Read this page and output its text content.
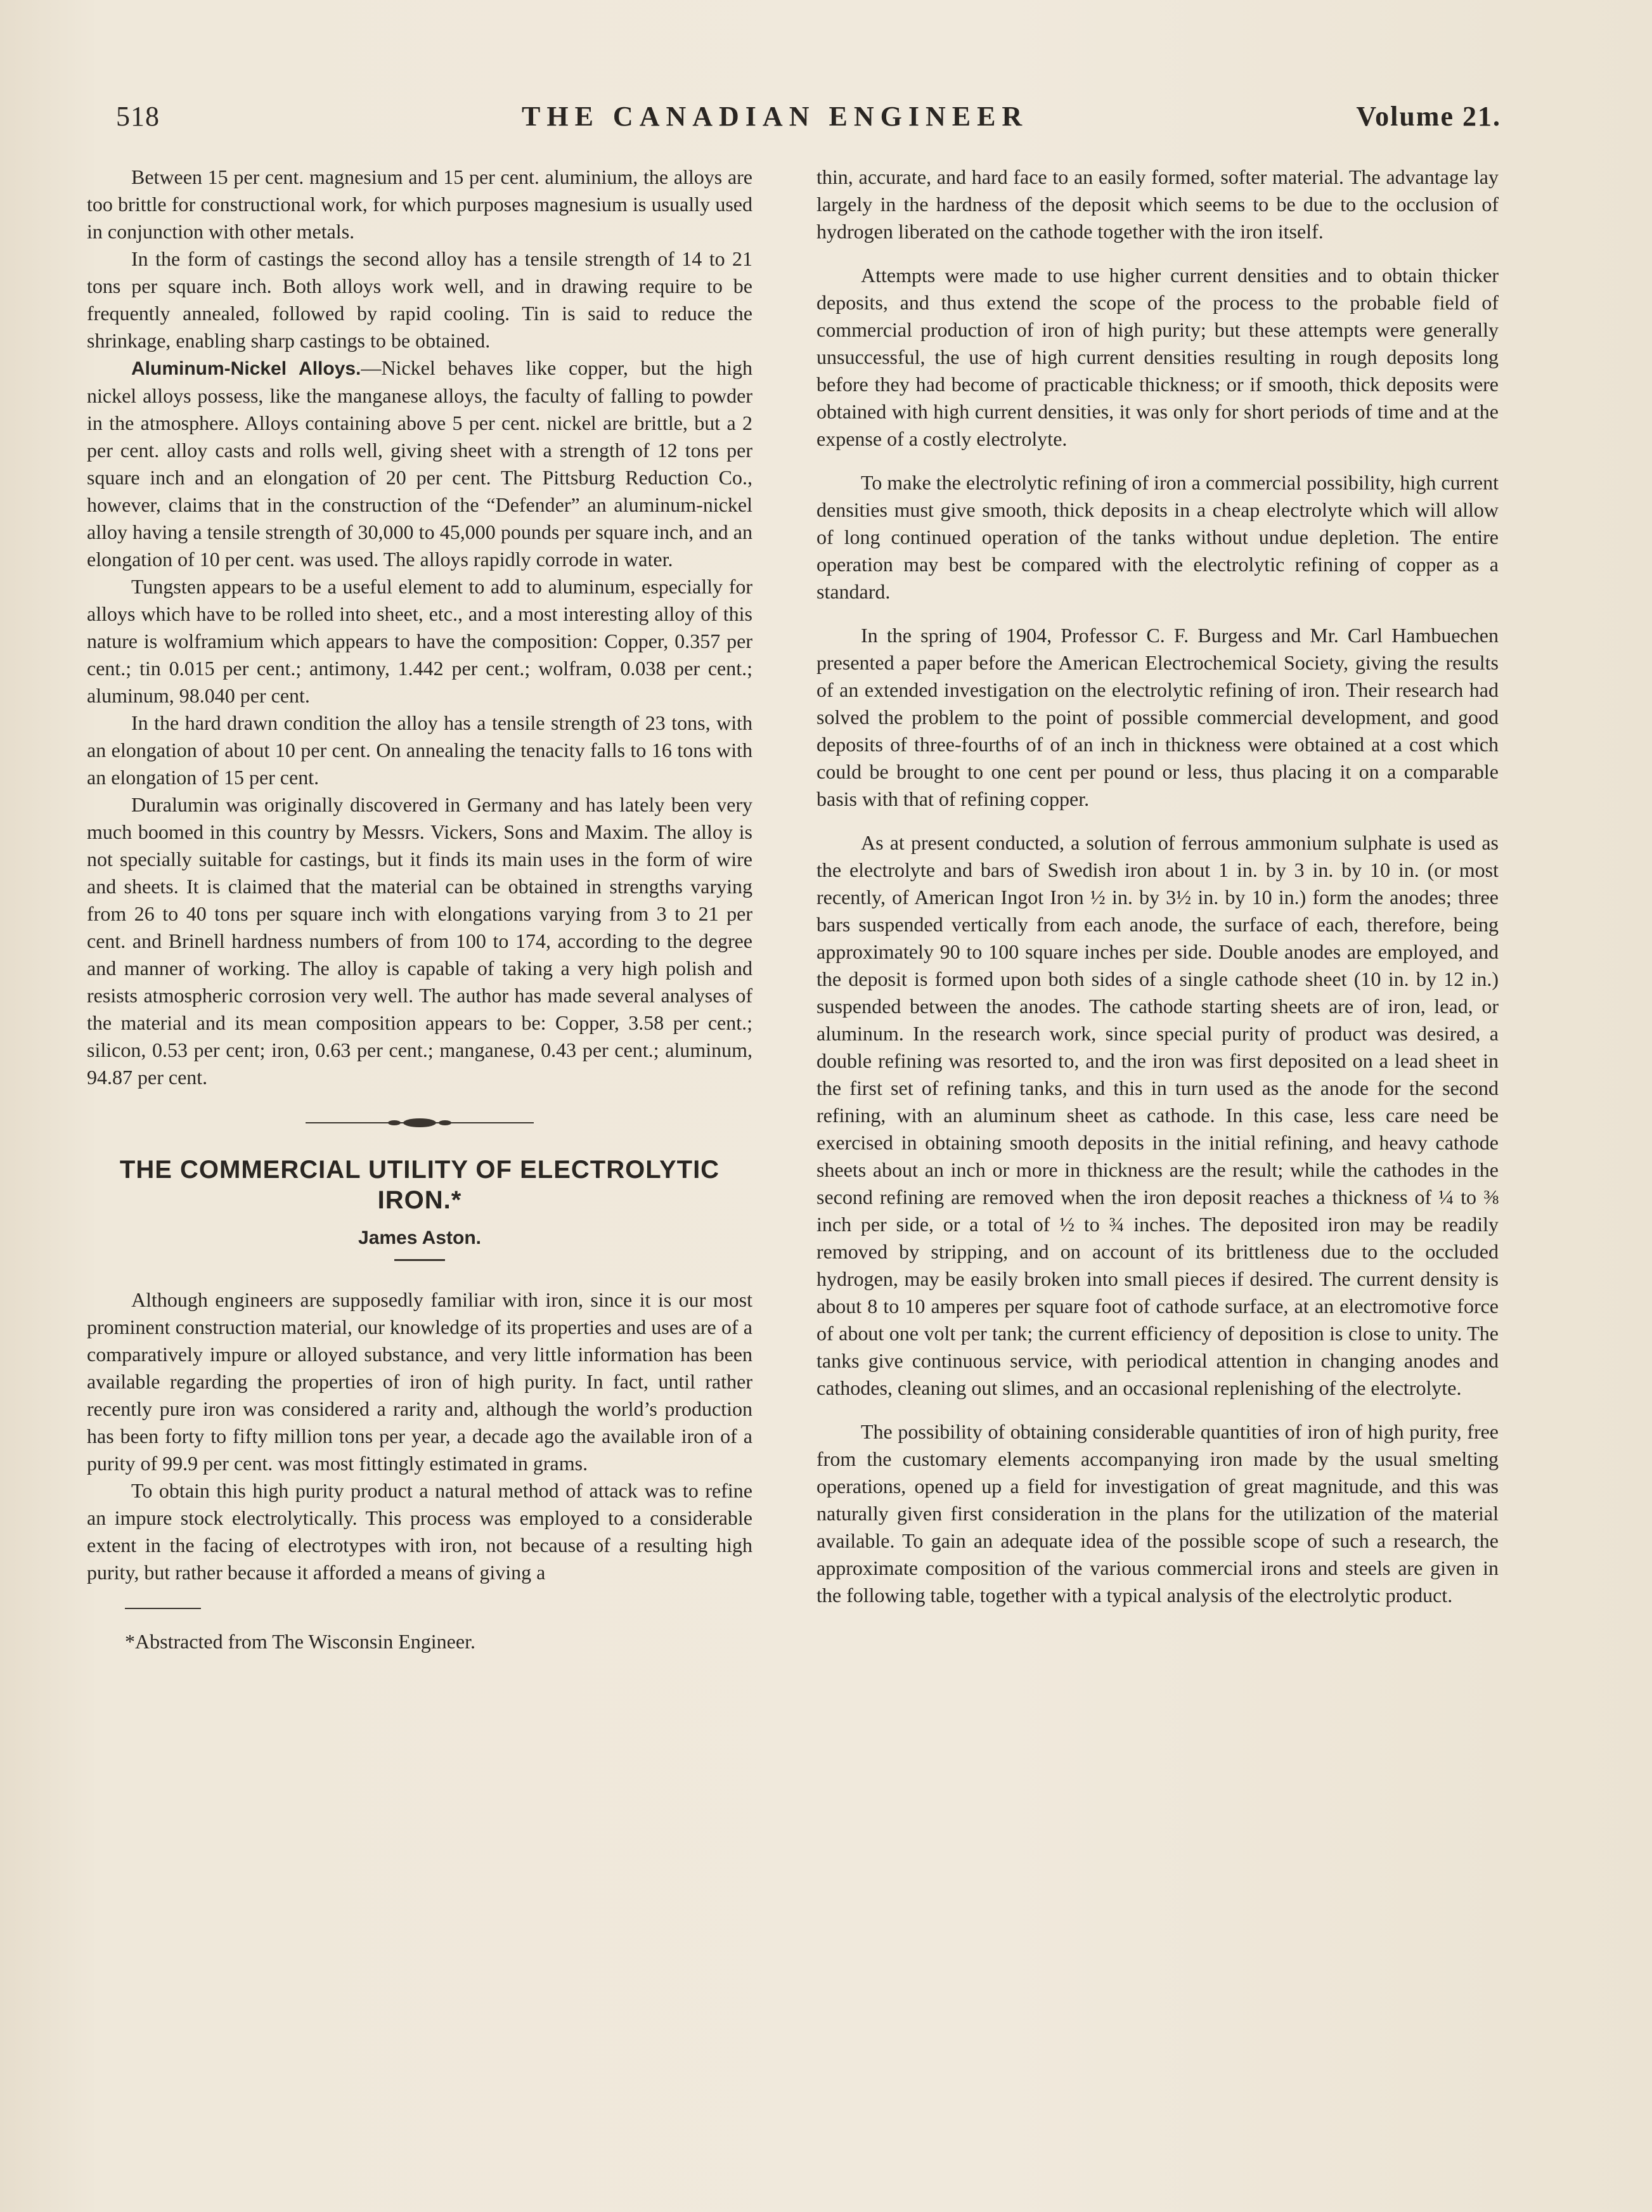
518	THE CANADIAN ENGINEER	Volume 21.

Between 15 per cent. magnesium and 15 per cent. aluminium, the alloys are too brittle for constructional work, for which purposes magnesium is usually used in conjunction with other metals.

In the form of castings the second alloy has a tensile strength of 14 to 21 tons per square inch. Both alloys work well, and in drawing require to be frequently annealed, followed by rapid cooling. Tin is said to reduce the shrinkage, enabling sharp castings to be obtained.

Aluminum-Nickel Alloys.—Nickel behaves like copper, but the high nickel alloys possess, like the manganese alloys, the faculty of falling to powder in the atmosphere. Alloys containing above 5 per cent. nickel are brittle, but a 2 per cent. alloy casts and rolls well, giving sheet with a strength of 12 tons per square inch and an elongation of 20 per cent. The Pittsburg Reduction Co., however, claims that in the construction of the “Defender” an aluminum-nickel alloy having a tensile strength of 30,000 to 45,000 pounds per square inch, and an elongation of 10 per cent. was used. The alloys rapidly corrode in water.

Tungsten appears to be a useful element to add to aluminum, especially for alloys which have to be rolled into sheet, etc., and a most interesting alloy of this nature is wolframium which appears to have the composition: Copper, 0.357 per cent.; tin 0.015 per cent.; antimony, 1.442 per cent.; wolfram, 0.038 per cent.; aluminum, 98.040 per cent.

In the hard drawn condition the alloy has a tensile strength of 23 tons, with an elongation of about 10 per cent. On annealing the tenacity falls to 16 tons with an elongation of 15 per cent.

Duralumin was originally discovered in Germany and has lately been very much boomed in this country by Messrs. Vickers, Sons and Maxim. The alloy is not specially suitable for castings, but it finds its main uses in the form of wire and sheets. It is claimed that the material can be obtained in strengths varying from 26 to 40 tons per square inch with elongations varying from 3 to 21 per cent. and Brinell hardness numbers of from 100 to 174, according to the degree and manner of working. The alloy is capable of taking a very high polish and resists atmospheric corrosion very well. The author has made several analyses of the material and its mean composition appears to be: Copper, 3.58 per cent.; silicon, 0.53 per cent; iron, 0.63 per cent.; manganese, 0.43 per cent.; aluminum, 94.87 per cent.

THE COMMERCIAL UTILITY OF ELECTROLYTIC IRON.*
James Aston.

Although engineers are supposedly familiar with iron, since it is our most prominent construction material, our knowledge of its properties and uses are of a comparatively impure or alloyed substance, and very little information has been available regarding the properties of iron of high purity. In fact, until rather recently pure iron was considered a rarity and, although the world’s production has been forty to fifty million tons per year, a decade ago the available iron of a purity of 99.9 per cent. was most fittingly estimated in grams.

To obtain this high purity product a natural method of attack was to refine an impure stock electrolytically. This process was employed to a considerable extent in the facing of electrotypes with iron, not because of a resulting high purity, but rather because it afforded a means of giving a

*Abstracted from The Wisconsin Engineer.

thin, accurate, and hard face to an easily formed, softer material. The advantage lay largely in the hardness of the deposit which seems to be due to the occlusion of hydrogen liberated on the cathode together with the iron itself.

Attempts were made to use higher current densities and to obtain thicker deposits, and thus extend the scope of the process to the probable field of commercial production of iron of high purity; but these attempts were generally unsuccessful, the use of high current densities resulting in rough deposits long before they had become of practicable thickness; or if smooth, thick deposits were obtained with high current densities, it was only for short periods of time and at the expense of a costly electrolyte.

To make the electrolytic refining of iron a commercial possibility, high current densities must give smooth, thick deposits in a cheap electrolyte which will allow of long continued operation of the tanks without undue depletion. The entire operation may best be compared with the electrolytic refining of copper as a standard.

In the spring of 1904, Professor C. F. Burgess and Mr. Carl Hambuechen presented a paper before the American Electrochemical Society, giving the results of an extended investigation on the electrolytic refining of iron. Their research had solved the problem to the point of possible commercial development, and good deposits of three-fourths of of an inch in thickness were obtained at a cost which could be brought to one cent per pound or less, thus placing it on a comparable basis with that of refining copper.

As at present conducted, a solution of ferrous ammonium sulphate is used as the electrolyte and bars of Swedish iron about 1 in. by 3 in. by 10 in. (or most recently, of American Ingot Iron ½ in. by 3½ in. by 10 in.) form the anodes; three bars suspended vertically from each anode, the surface of each, therefore, being approximately 90 to 100 square inches per side. Double anodes are employed, and the deposit is formed upon both sides of a single cathode sheet (10 in. by 12 in.) suspended between the anodes. The cathode starting sheets are of iron, lead, or aluminum. In the research work, since special purity of product was desired, a double refining was resorted to, and the iron was first deposited on a lead sheet in the first set of refining tanks, and this in turn used as the anode for the second refining, with an aluminum sheet as cathode. In this case, less care need be exercised in obtaining smooth deposits in the initial refining, and heavy cathode sheets about an inch or more in thickness are the result; while the cathodes in the second refining are removed when the iron deposit reaches a thickness of ¼ to ⅜ inch per side, or a total of ½ to ¾ inches. The deposited iron may be readily removed by stripping, and on account of its brittleness due to the occluded hydrogen, may be easily broken into small pieces if desired. The current density is about 8 to 10 amperes per square foot of cathode surface, at an electromotive force of about one volt per tank; the current efficiency of deposition is close to unity. The tanks give continuous service, with periodical attention in changing anodes and cathodes, cleaning out slimes, and an occasional replenishing of the electrolyte.

The possibility of obtaining considerable quantities of iron of high purity, free from the customary elements accompanying iron made by the usual smelting operations, opened up a field for investigation of great magnitude, and this was naturally given first consideration in the plans for the utilization of the material available. To gain an adequate idea of the possible scope of such a research, the approximate composition of the various commercial irons and steels are given in the following table, together with a typical analysis of the electrolytic product.
